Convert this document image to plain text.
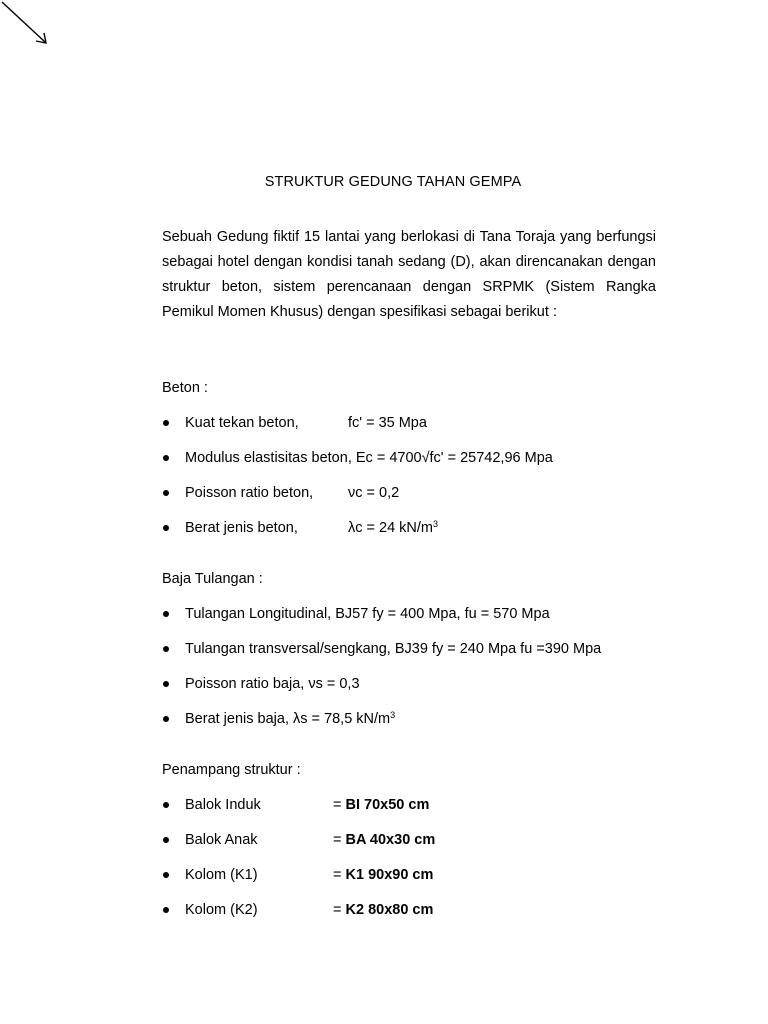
STRUKTUR GEDUNG TAHAN GEMPA

Sebuah Gedung fiktif 15 lantai yang berlokasi di Tana Toraja yang berfungsi sebagai hotel dengan kondisi tanah sedang (D), akan direncanakan dengan struktur beton, sistem perencanaan dengan SRPMK (Sistem Rangka Pemikul Momen Khusus) dengan spesifikasi sebagai berikut :

Beton :
Kuat tekan beton,	fc' = 35 Mpa
Modulus elastisitas beton, Ec = 4700√fc' = 25742,96 Mpa
Poisson ratio beton, νc = 0,2
Berat jenis beton,	λc = 24 $kN/m^3$
Baja Tulangan :
Tulangan Longitudinal, BJ57 fy = 400 Mpa, fu = 570 Mpa
Tulangan transversal/sengkang, BJ39 fy = 240 Mpa fu =390 Mpa
Poisson ratio baja, νs = 0,3
Berat jenis baja, λs = 78,5 $kN/m^3$
Penampang struktur :
Balok Induk	= BI 70x50 cm
Balok Anak	= BA 40x30 cm
Kolom (K1)	= K1 90x90 cm
Kolom (K2)	= K2 80x80 cm
